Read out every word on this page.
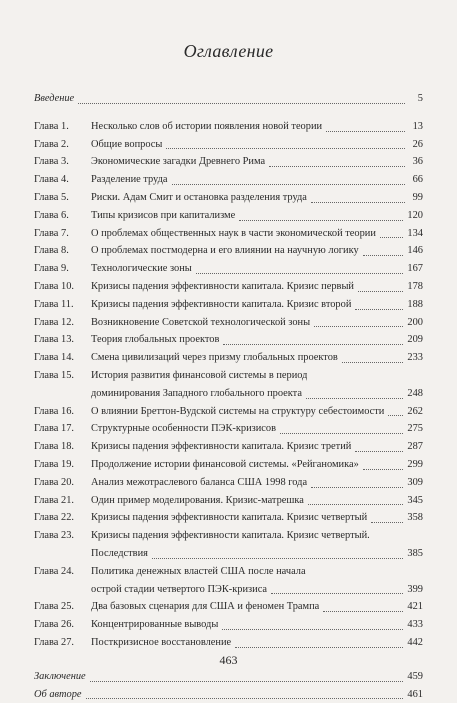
Оглавление
Введение	5
Глава 1. Несколько слов об истории появления новой теории	13
Глава 2. Общие вопросы	26
Глава 3. Экономические загадки Древнего Рима	36
Глава 4. Разделение труда	66
Глава 5. Риски. Адам Смит и остановка разделения труда	99
Глава 6. Типы кризисов при капитализме	120
Глава 7. О проблемах общественных наук в части экономической теории	134
Глава 8. О проблемах постмодерна и его влиянии на научную логику	146
Глава 9. Технологические зоны	167
Глава 10. Кризисы падения эффективности капитала. Кризис первый	178
Глава 11. Кризисы падения эффективности капитала. Кризис второй	188
Глава 12. Возникновение Советской технологической зоны	200
Глава 13. Теория глобальных проектов	209
Глава 14. Смена цивилизаций через призму глобальных проектов	233
Глава 15. История развития финансовой системы в период
доминирования Западного глобального проекта	248
Глава 16. О влиянии Бреттон-Вудской системы на структуру себестоимости 262
Глава 17. Структурные особенности ПЭК-кризисов	275
Глава 18. Кризисы падения эффективности капитала. Кризис третий	287
Глава 19. Продолжение истории финансовой системы. «Рейганомика»	299
Глава 20. Анализ межотраслевого баланса США 1998 года	309
Глава 21. Один пример моделирования. Кризис-матрешка	345
Глава 22. Кризисы падения эффективности капитала. Кризис четвертый	358
Глава 23. Кризисы падения эффективности капитала. Кризис четвертый.
Последствия	385
Глава 24. Политика денежных властей США после начала
острой стадии четвертого ПЭК-кризиса	399
Глава 25. Два базовых сценария для США и феномен Трампа	421
Глава 26. Концентрированные выводы	433
Глава 27. Посткризисное восстановление	442
Заключение	459
Об авторе	461
463
